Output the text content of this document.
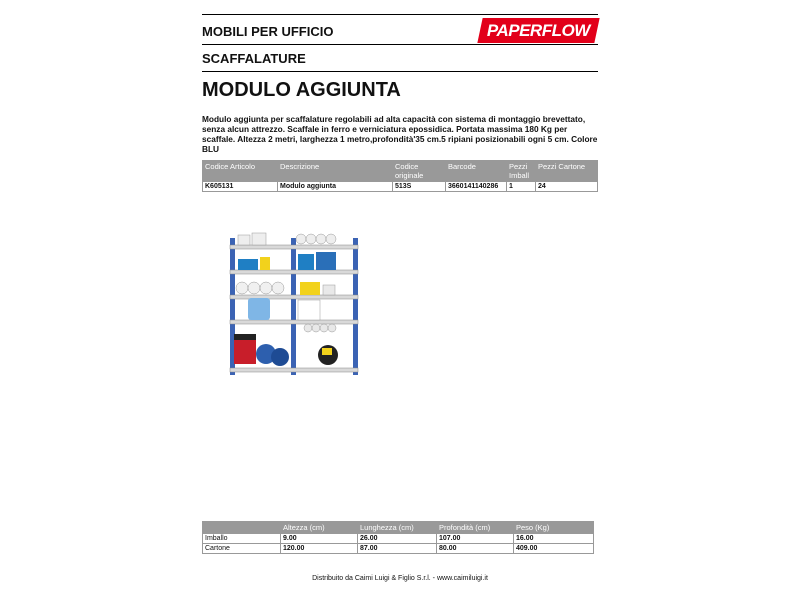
MOBILI PER UFFICIO
SCAFFALATURE
PAPERFLOW
MODULO AGGIUNTA
Modulo aggiunta per scaffalature regolabili ad alta capacità con sistema di montaggio brevettato, senza alcun attrezzo. Scaffale in ferro e verniciatura epossidica. Portata massima 180 Kg per scaffale. Altezza 2 metri, larghezza 1 metro,profondità'35 cm.5 ripiani posizionabili ogni 5 cm. Colore BLU
Codice Articolo	Descrizione	Codice originale	Barcode	Pezzi Imball	Pezzi Cartone
K605131	Modulo aggiunta	513S	3660141140286	1	24
	Altezza (cm)	Lunghezza (cm)	Profondità (cm)	Peso (Kg)
Imballo	9.00	26.00	107.00	16.00
Cartone	120.00	87.00	80.00	409.00
Distribuito da Caimi Luigi & Figlio S.r.l. - www.caimiluigi.it
